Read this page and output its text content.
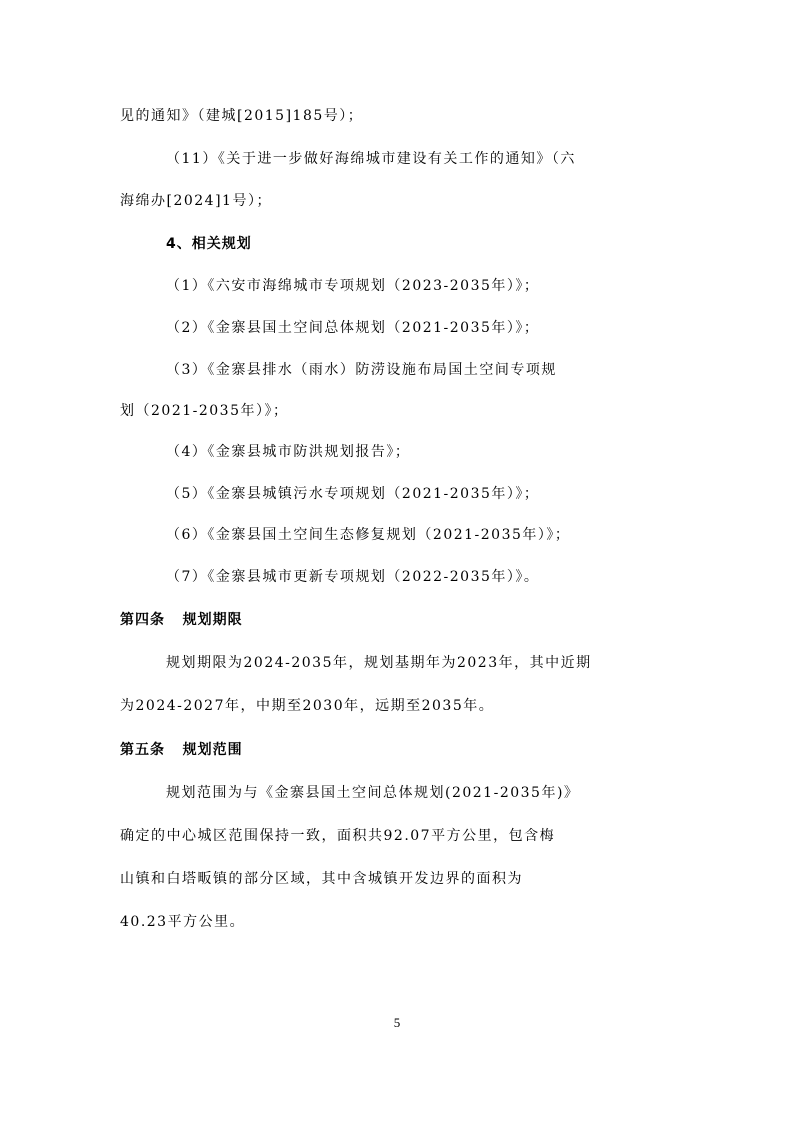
见的通知》（建城[2015]185号）；
（11）《关于进一步做好海绵城市建设有关工作的通知》（六
海绵办[2024]1号）；
4、相关规划
（1）《六安市海绵城市专项规划（2023-2035年）》；
（2）《金寨县国土空间总体规划（2021-2035年）》；
（3）《金寨县排水（雨水）防涝设施布局国土空间专项规
划（2021-2035年）》；
（4）《金寨县城市防洪规划报告》；
（5）《金寨县城镇污水专项规划（2021-2035年）》；
（6）《金寨县国土空间生态修复规划（2021-2035年）》；
（7）《金寨县城市更新专项规划（2022-2035年）》。
第四条   规划期限
规划期限为2024-2035年，规划基期年为2023年，其中近期
为2024-2027年，中期至2030年，远期至2035年。
第五条   规划范围
规划范围为与《金寨县国土空间总体规划(2021-2035年)》
确定的中心城区范围保持一致，面积共92.07平方公里，包含梅
山镇和白塔畈镇的部分区域，其中含城镇开发边界的面积为
40.23平方公里。
5
